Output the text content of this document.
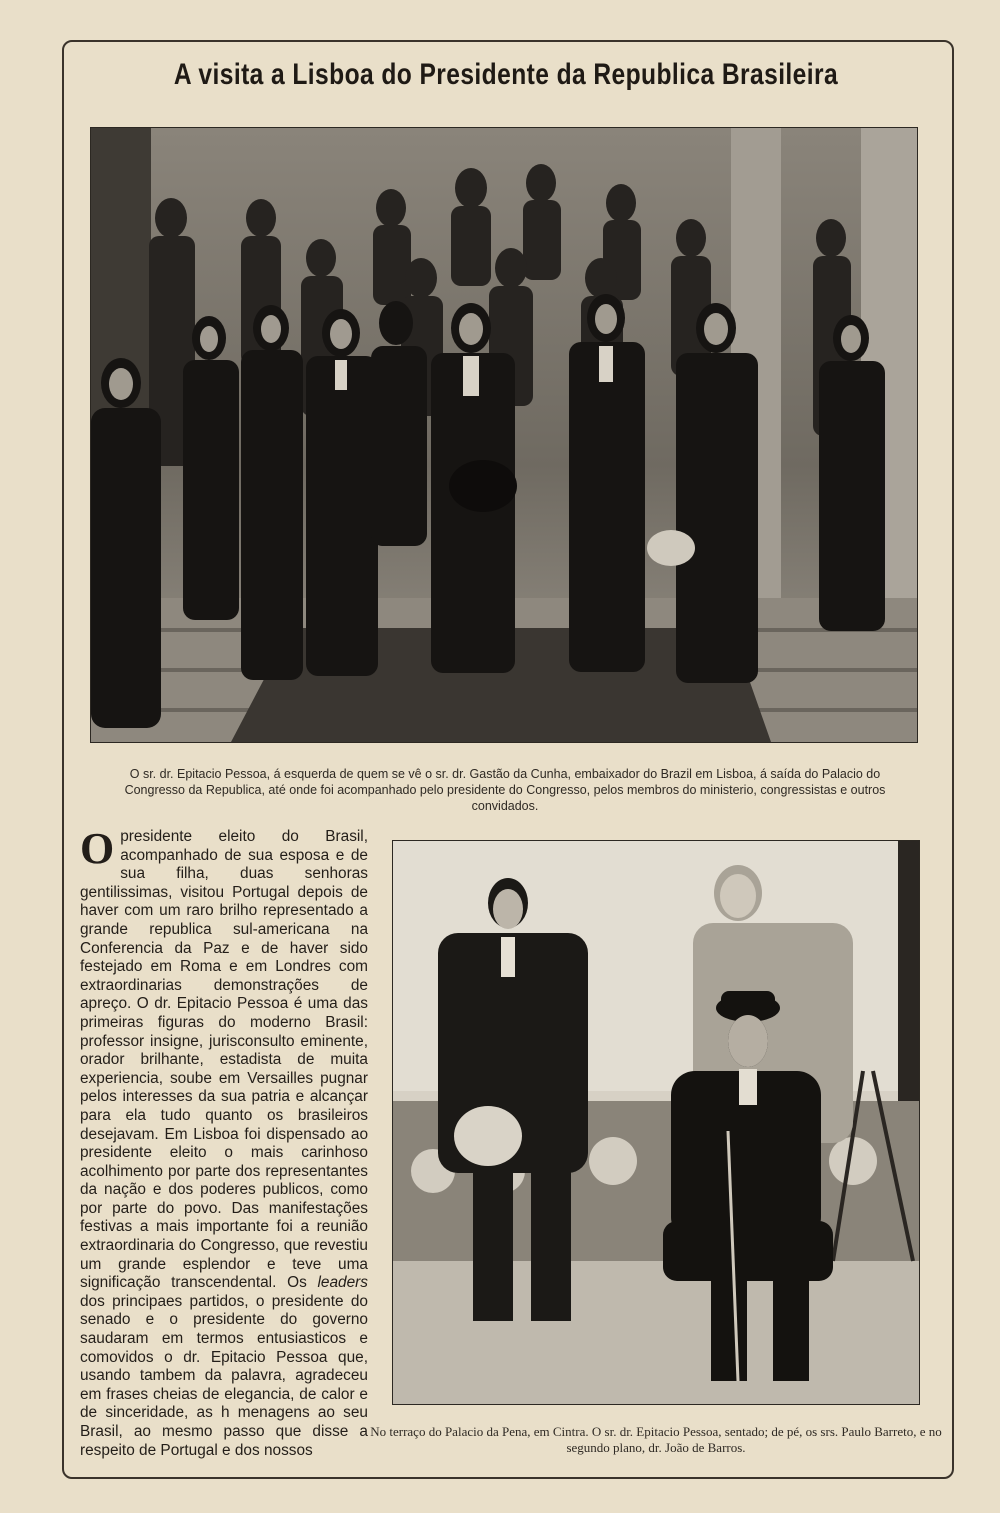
A visita a Lisboa do Presidente da Republica Brasileira
O sr. dr. Epitacio Pessoa, á esquerda de quem se vê o sr. dr. Gastão da Cunha, embaixador do Brazil em Lisboa, á saída do Palacio do Congresso da Republica, até onde foi acompanhado pelo presidente do Congresso, pelos membros do ministerio, congressistas e outros convidados.

Opresidente eleito do Brasil, acompanhado de sua esposa e de sua filha, duas senhoras gentilissimas, visitou Portugal depois de haver com um raro brilho representado a grande republica sul-americana na Conferencia da Paz e de haver sido festejado em Roma e em Londres com extraordinarias demonstrações de apreço. O dr. Epitacio Pessoa é uma das primeiras figuras do moderno Brasil: professor insigne, jurisconsulto eminente, orador brilhante, estadista de muita experiencia, soube em Versailles pugnar pelos interesses da sua patria e alcançar para ela tudo quanto os brasileiros desejavam. Em Lisboa foi dispensado ao presidente eleito o mais carinhoso acolhimento por parte dos representantes da nação e dos poderes publicos, como por parte do povo. Das manifestações festivas a mais importante foi a reunião extraordinaria do Congresso, que revestiu um grande esplendor e teve uma significação transcendental. Os leaders dos principaes partidos, o presidente do senado e o presidente do governo saudaram em termos entusiasticos e comovidos o dr. Epitacio Pessoa que, usando tambem da palavra, agradeceu em frases cheias de elegancia, de calor e de sinceridade, as h menagens ao seu Brasil, ao mesmo passo que disse a respeito de Portugal e dos nossos

No terraço do Palacio da Pena, em Cintra. O sr. dr. Epitacio Pessoa, sentado; de pé, os srs. Paulo Barreto, e no segundo plano, dr. João de Barros.
